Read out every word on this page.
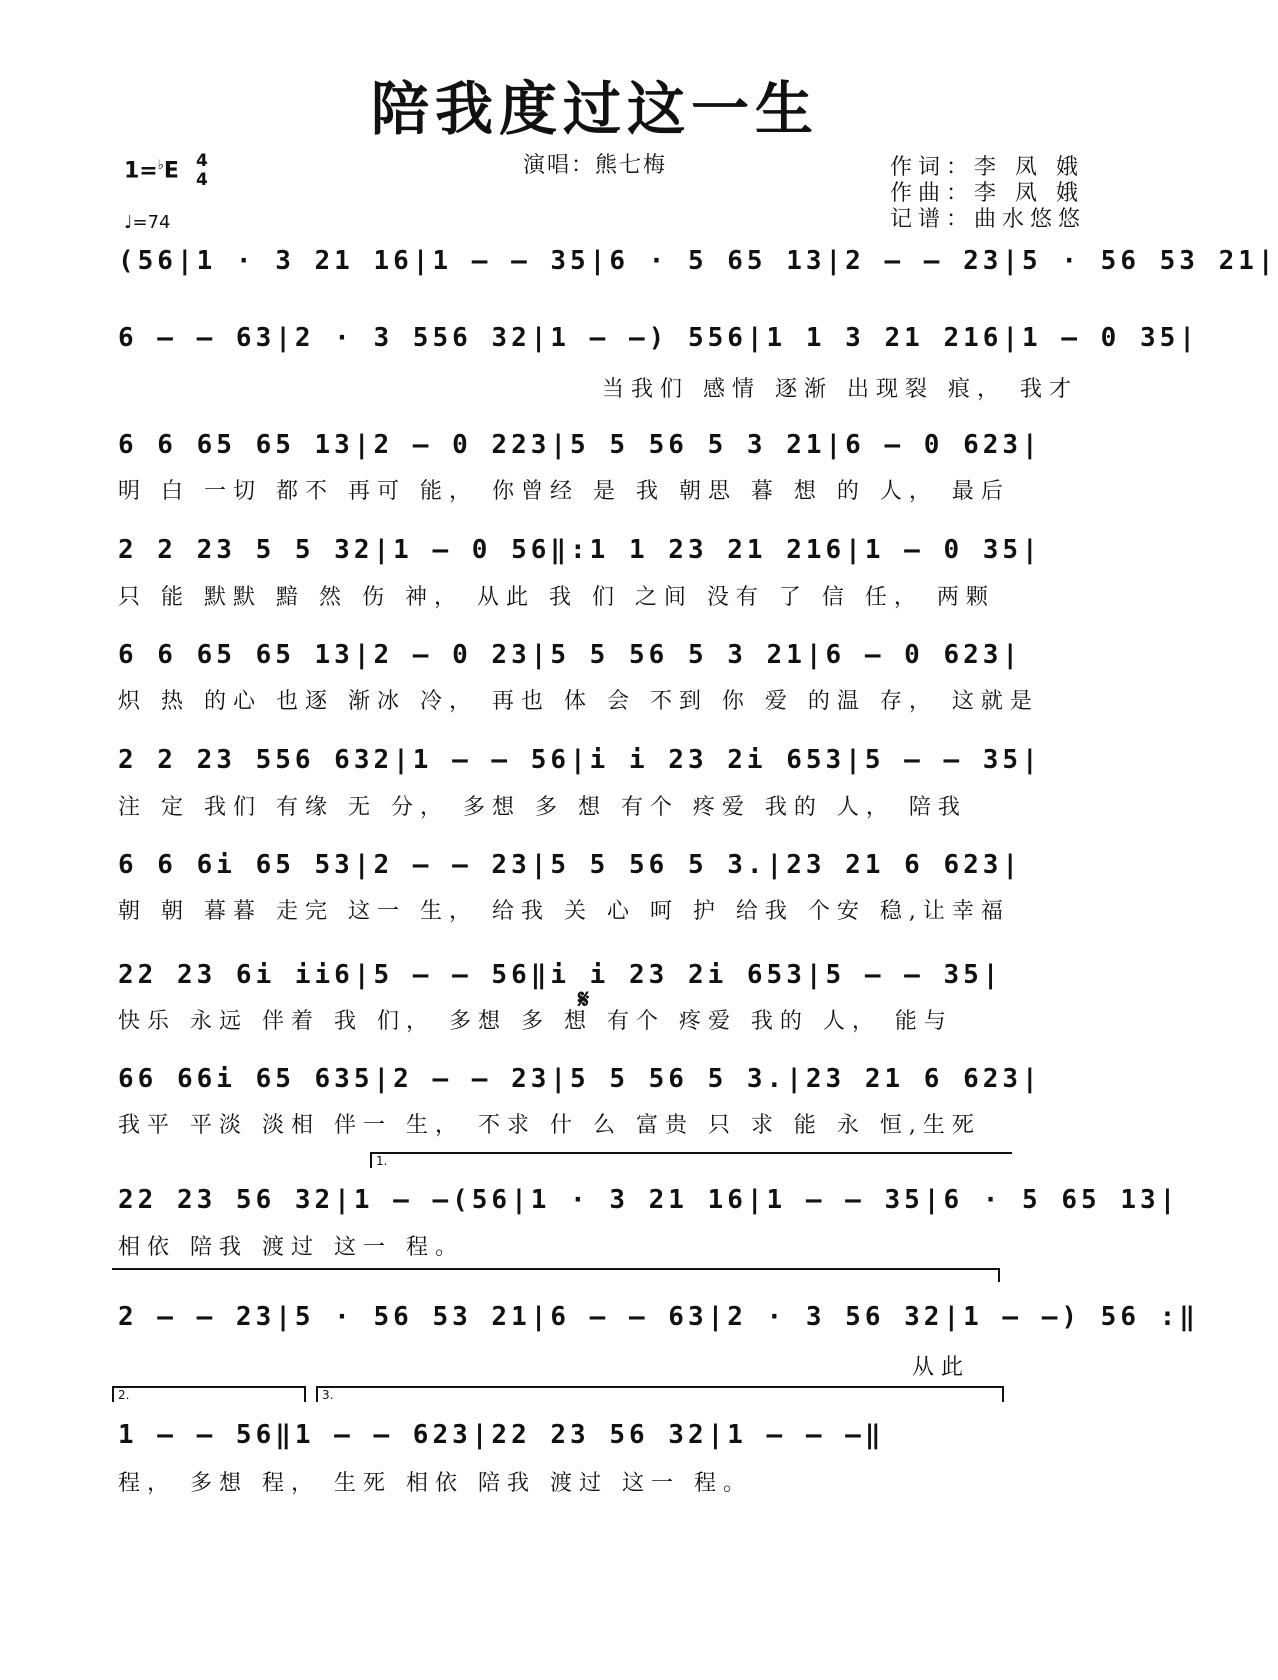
陪我度过这一生
演唱：熊七梅
1=♭E 4
4
♩=74
作词：李 凤 娥
作曲：李 凤 娥
记谱：曲水悠悠
(56|1 · 3 21 16|1 – – 35|6 · 5 65 13|2 – – 23|5 · 56 53 21|
6 – – 63|2 · 3 556 32|1 – –) 556|1 1 3 21 216|1 – 0 35|
当我们 感情 逐渐 出现裂 痕， 我才
6 6 65 65 13|2 – 0 223|5 5 56 5 3 21|6 – 0 623|
明 白 一切 都不 再可 能， 你曾经 是 我 朝思 暮 想 的 人， 最后
2 2 23 5 5 32|1 – 0 56‖:1 1 23 21 216|1 – 0 35|
只 能 默默 黯 然 伤 神， 从此 我 们 之间 没有 了 信 任， 两颗
6 6 65 65 13|2 – 0 23|5 5 56 5 3 21|6 – 0 623|
炽 热 的心 也逐 渐冰 冷， 再也 体 会 不到 你 爱 的温 存， 这就是
2 2 23 556 632|1 – – 56|i i 23 2i 653|5 – – 35|
注 定 我们 有缘 无 分， 多想 多 想 有个 疼爱 我的 人， 陪我
6 6 6i 65 53|2 – – 23|5 5 56 5 3.|23 21 6 623|
朝 朝 暮暮 走完 这一 生， 给我 关 心 呵 护 给我 个安 稳,让幸福
𝄋
22 23 6i ii6|5 – – 56‖i i 23 2i 653|5 – – 35|
快乐 永远 伴着 我 们， 多想 多 想 有个 疼爱 我的 人， 能与
66 66i 65 635|2 – – 23|5 5 56 5 3.|23 21 6 623|
我平 平淡 淡相 伴一 生， 不求 什 么 富贵 只 求 能 永 恒,生死
1.
22 23 56 32|1 – –(56|1 · 3 21 16|1 – – 35|6 · 5 65 13|
相依 陪我 渡过 这一 程。
2 – – 23|5 · 56 53 21|6 – – 63|2 · 3 56 32|1 – –) 56 :‖
从此
2.	3.
1 – – 56‖1 – – 623|22 23 56 32|1 – – –‖
程， 多想 程， 生死 相依 陪我 渡过 这一 程。
